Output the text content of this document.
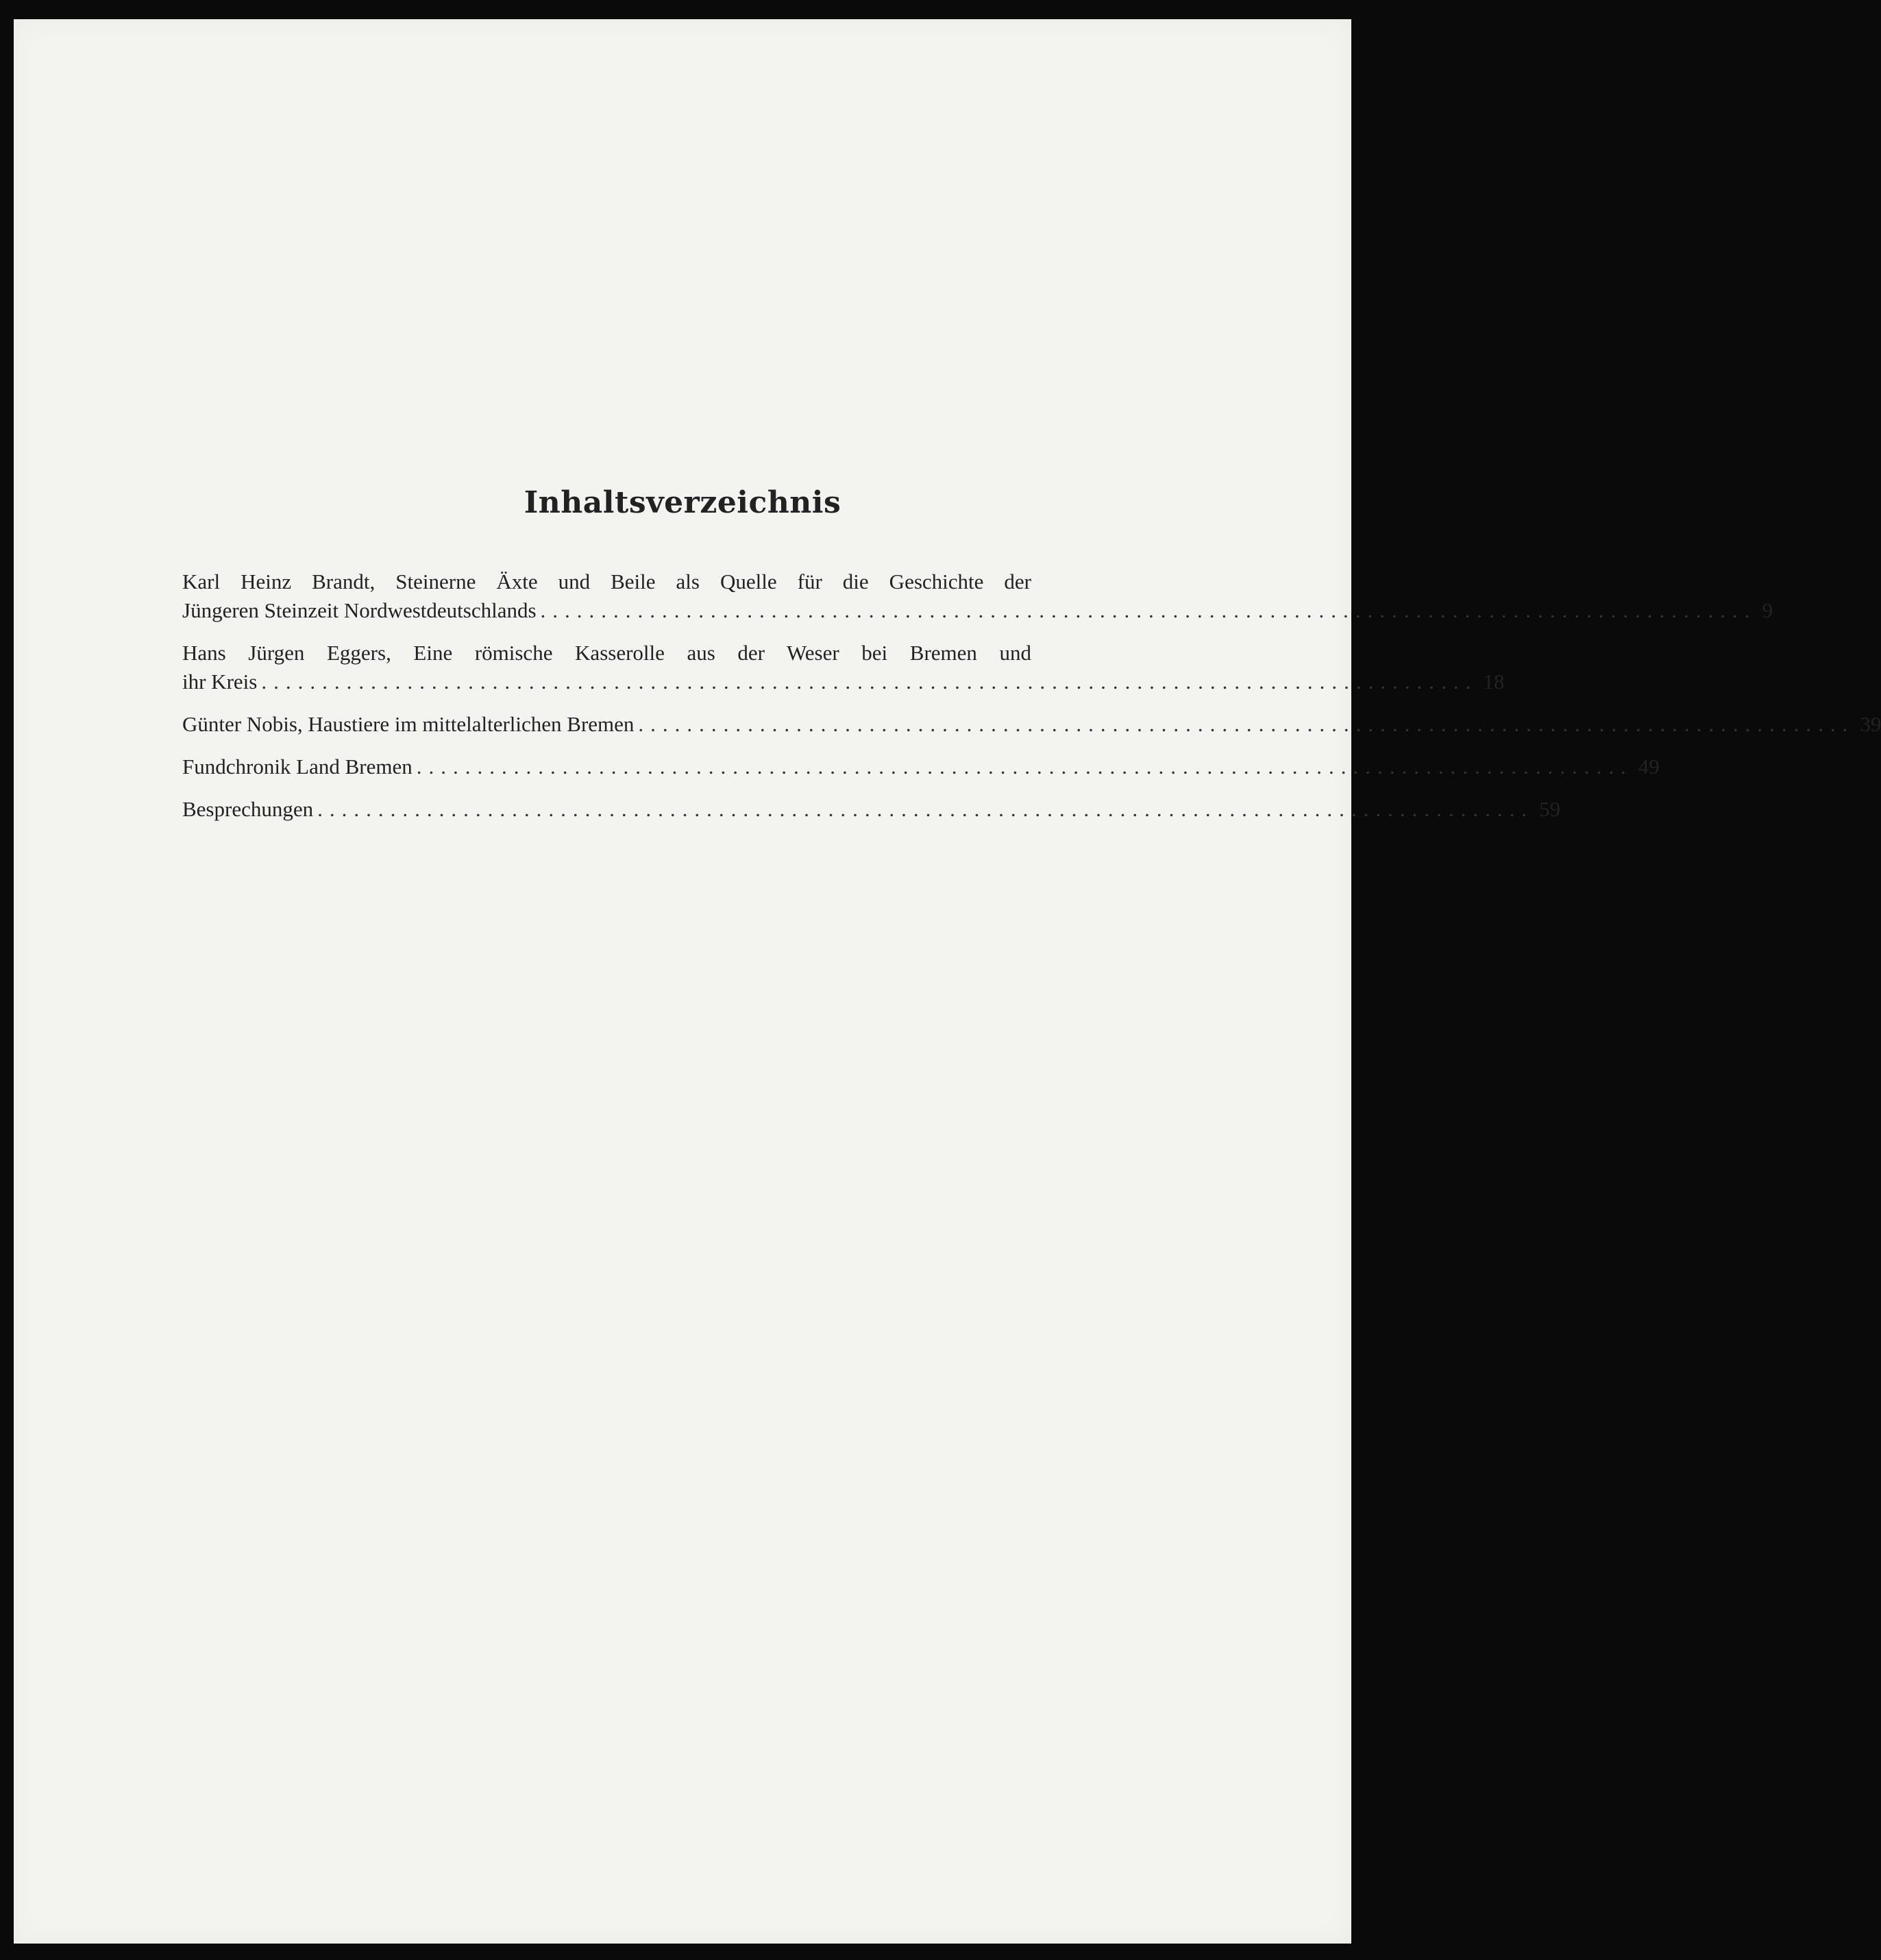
Inhaltsverzeichnis
Karl Heinz Brandt, Steinerne Äxte und Beile als Quelle für die Geschichte der
Jüngeren Steinzeit Nordwestdeutschlands .................................................................................................... 9
Hans Jürgen Eggers, Eine römische Kasserolle aus der Weser bei Bremen und
ihr Kreis .................................................................................................... 18
Günter Nobis, Haustiere im mittelalterlichen Bremen .................................................................................................... 39
Fundchronik Land Bremen .................................................................................................... 49
Besprechungen .................................................................................................... 59
